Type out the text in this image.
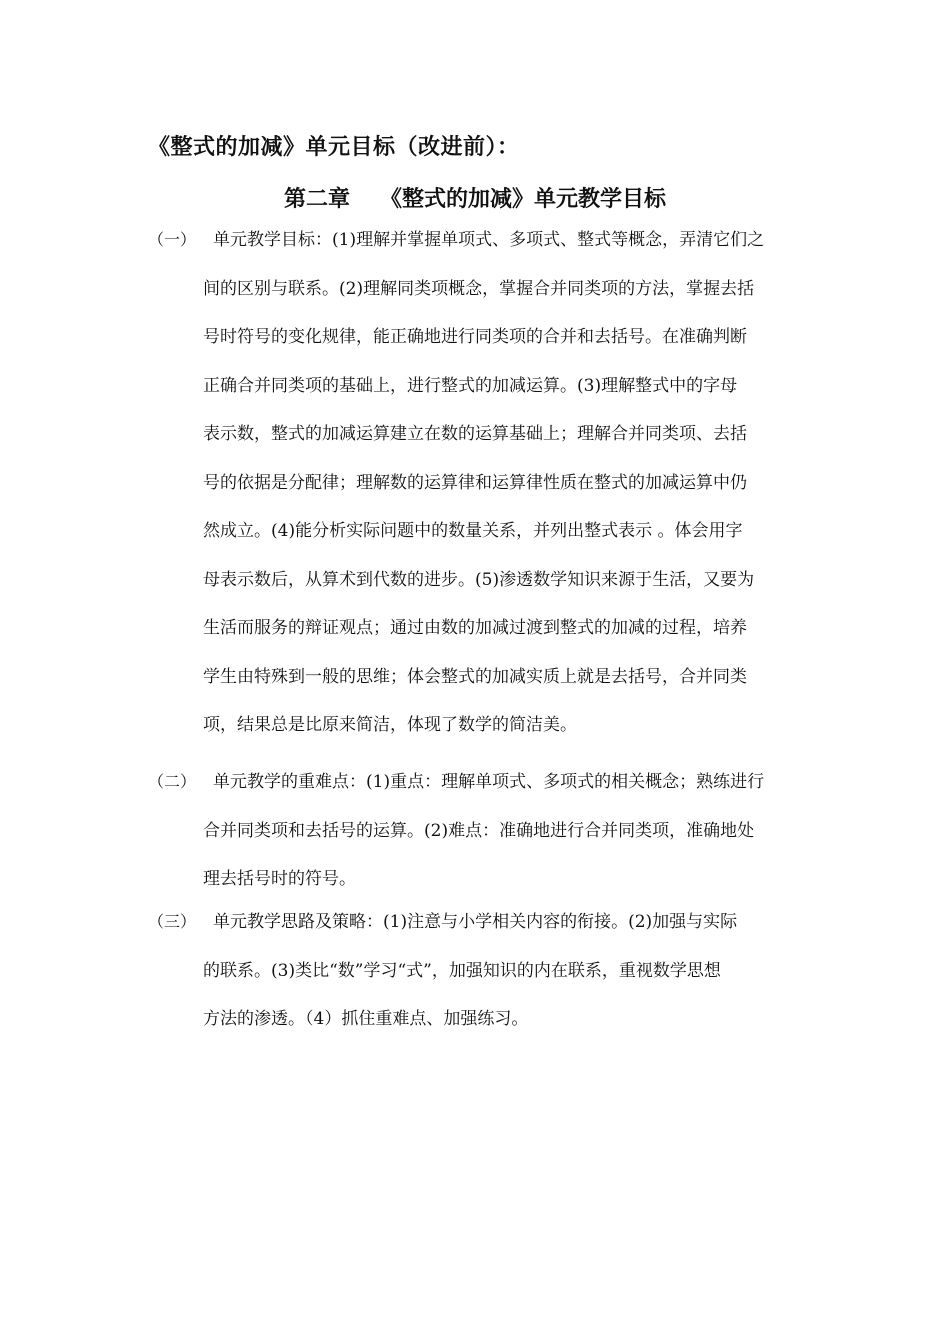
《整式的加减》单元目标（改进前）：
第二章 《整式的加减》单元教学目标
（一） 单元教学目标：(1)理解并掌握单项式、多项式、整式等概念，弄清它们之
间的区别与联系。(2)理解同类项概念，掌握合并同类项的方法，掌握去括
号时符号的变化规律，能正确地进行同类项的合并和去括号。在准确判断
正确合并同类项的基础上，进行整式的加减运算。(3)理解整式中的字母
表示数，整式的加减运算建立在数的运算基础上；理解合并同类项、去括
号的依据是分配律；理解数的运算律和运算律性质在整式的加减运算中仍
然成立。(4)能分析实际问题中的数量关系，并列出整式表示 。体会用字
母表示数后，从算术到代数的进步。(5)渗透数学知识来源于生活，又要为
生活而服务的辩证观点；通过由数的加减过渡到整式的加减的过程，培养
学生由特殊到一般的思维；体会整式的加减实质上就是去括号，合并同类
项，结果总是比原来简洁，体现了数学的简洁美。

（二） 单元教学的重难点：(1)重点：理解单项式、多项式的相关概念；熟练进行
合并同类项和去括号的运算。(2)难点：准确地进行合并同类项，准确地处
理去括号时的符号。

（三） 单元教学思路及策略：(1)注意与小学相关内容的衔接。(2)加强与实际
的联系。(3)类比“数”学习“式”，加强知识的内在联系，重视数学思想
方法的渗透。（4）抓住重难点、加强练习。
